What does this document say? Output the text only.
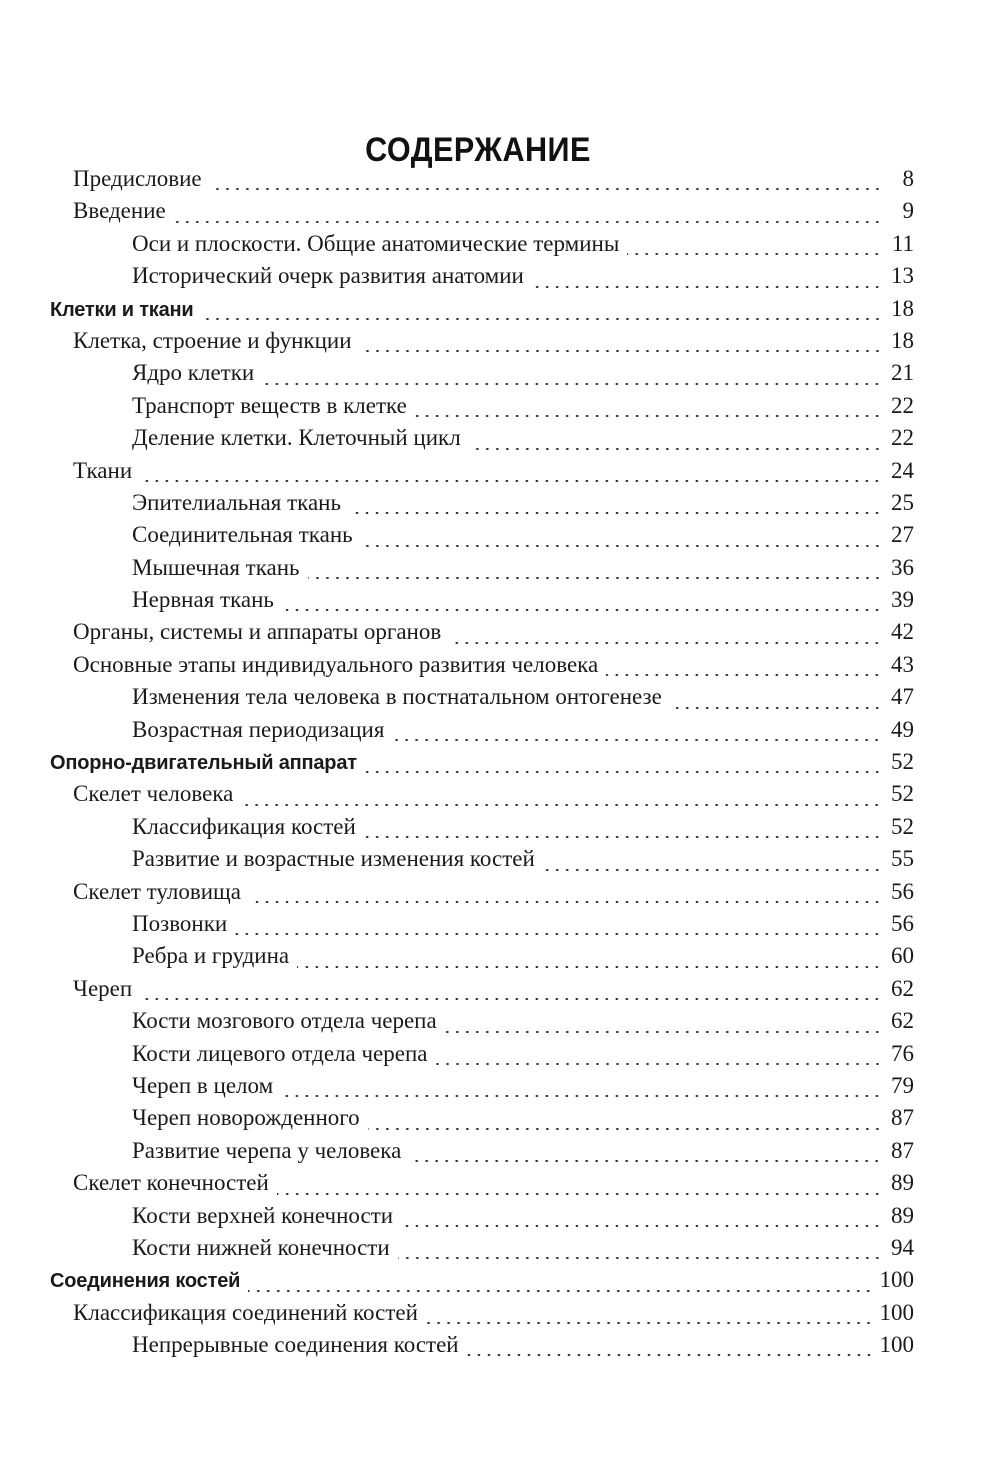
СОДЕРЖАНИЕ
Предисловие	8
Введение	9
Оси и плоскости. Общие анатомические термины	11
Исторический очерк развития анатомии	13
Клетки и ткани	18
Клетка, строение и функции	18
Ядро клетки	21
Транспорт веществ в клетке	22
Деление клетки. Клеточный цикл	22
Ткани	24
Эпителиальная ткань	25
Соединительная ткань	27
Мышечная ткань	36
Нервная ткань	39
Органы, системы и аппараты органов	42
Основные этапы индивидуального развития человека	43
Изменения тела человека в постнатальном онтогенезе	47
Возрастная периодизация	49
Опорно-двигательный аппарат	52
Скелет человека	52
Классификация костей	52
Развитие и возрастные изменения костей	55
Скелет туловища	56
Позвонки	56
Ребра и грудина	60
Череп	62
Кости мозгового отдела черепа	62
Кости лицевого отдела черепа	76
Череп в целом	79
Череп новорожденного	87
Развитие черепа у человека	87
Скелет конечностей	89
Кости верхней конечности	89
Кости нижней конечности	94
Соединения костей	100
Классификация соединений костей	100
Непрерывные соединения костей	100
